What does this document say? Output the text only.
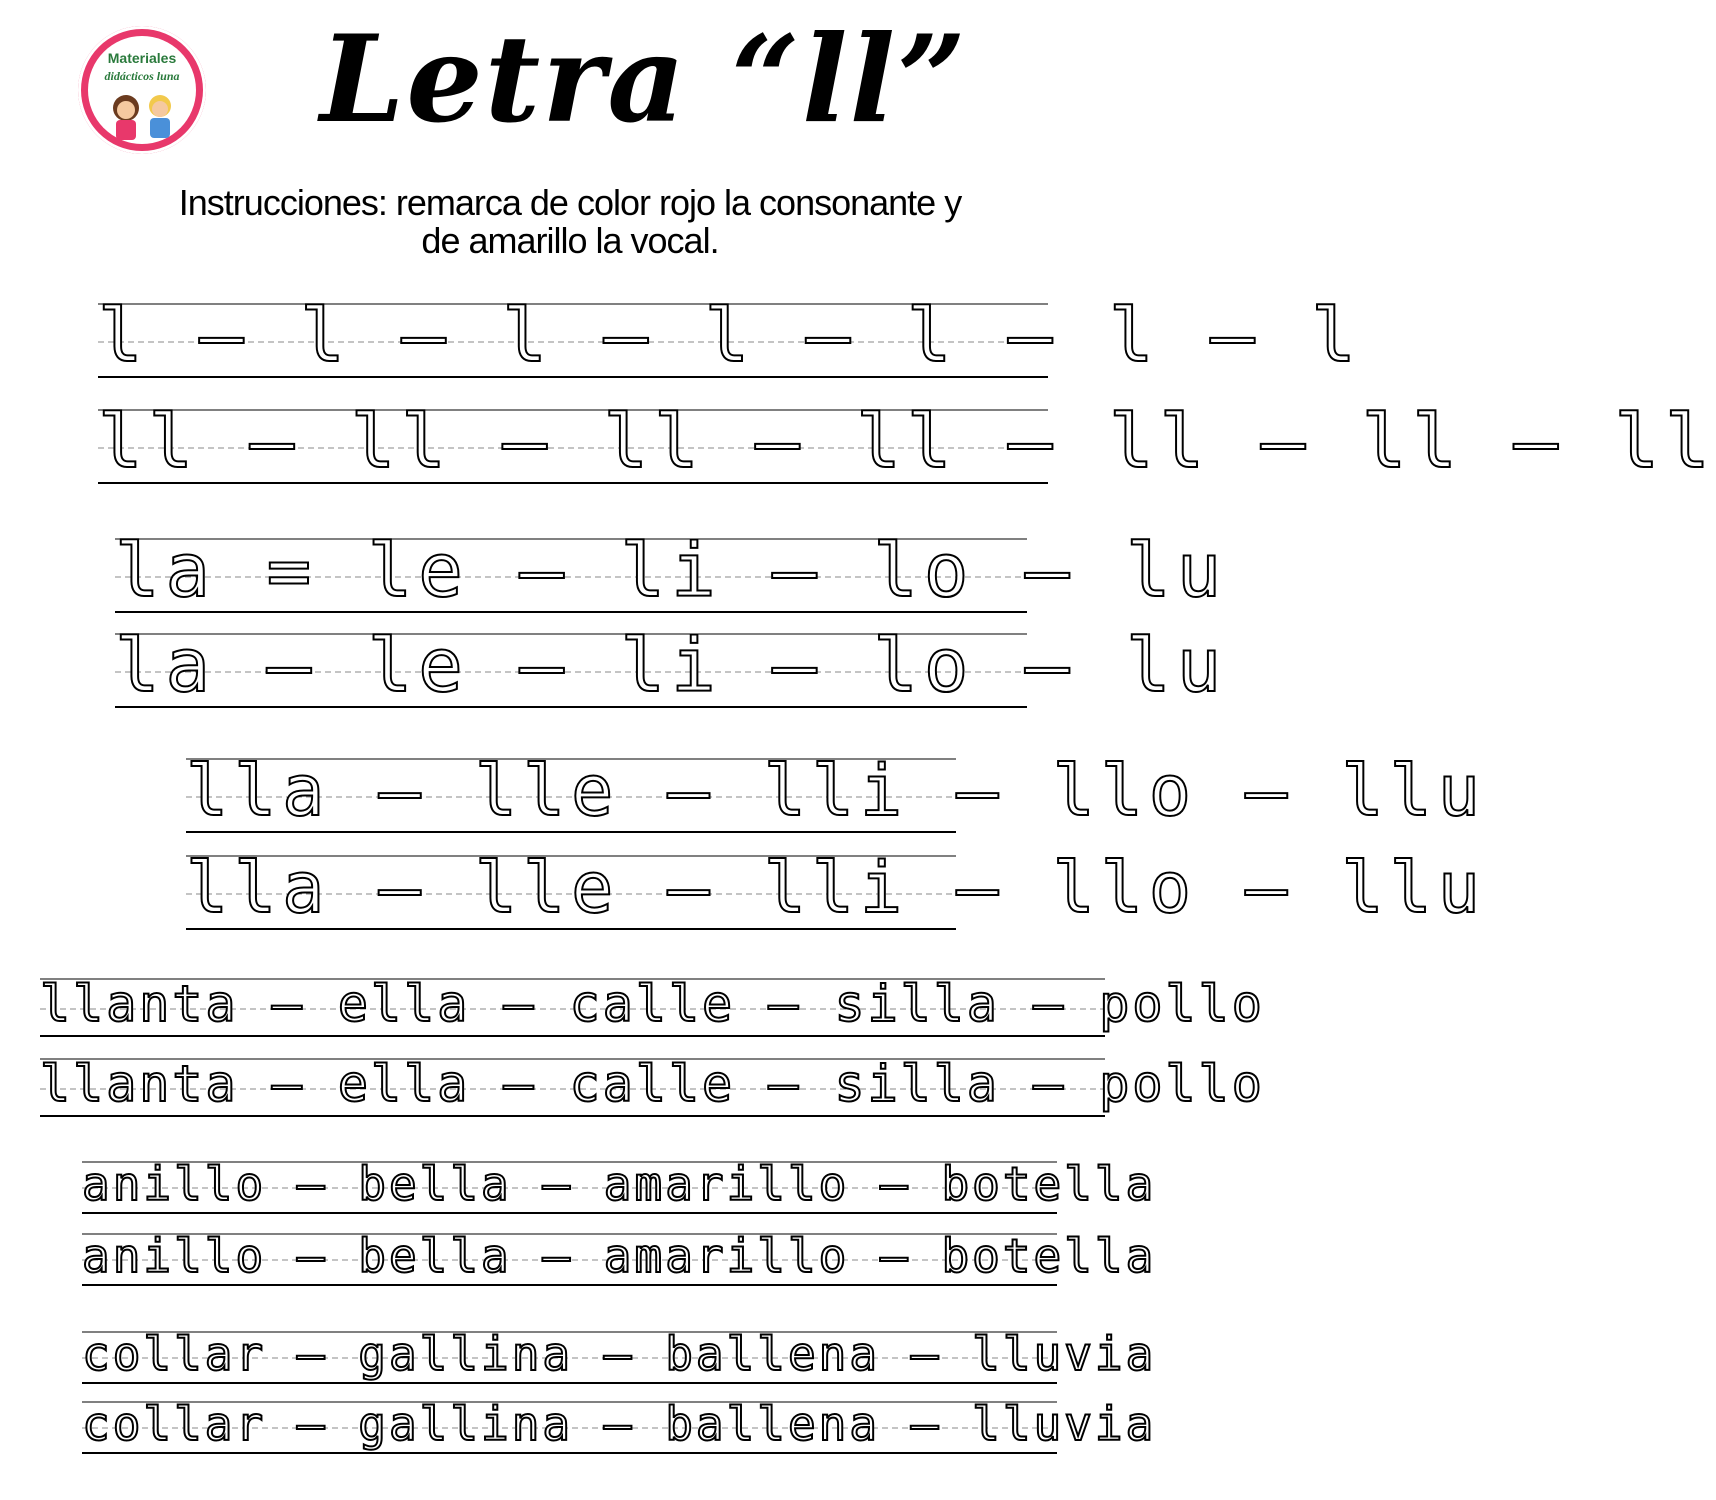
Materiales
didácticos luna Letra “ll”
Instrucciones: remarca de color rojo la consonante y
de amarillo la vocal.
l – l – l – l – l – l – l
ll – ll – ll – ll – ll – ll – ll
la = le – li – lo – lu
la – le – li – lo – lu
lla – lle – lli – llo – llu
lla – lle – lli – llo – llu
llanta – ella – calle – silla – pollo
llanta – ella – calle – silla – pollo
anillo – bella – amarillo – botella
anillo – bella – amarillo – botella
collar – gallina – ballena – lluvia
collar – gallina – ballena – lluvia
